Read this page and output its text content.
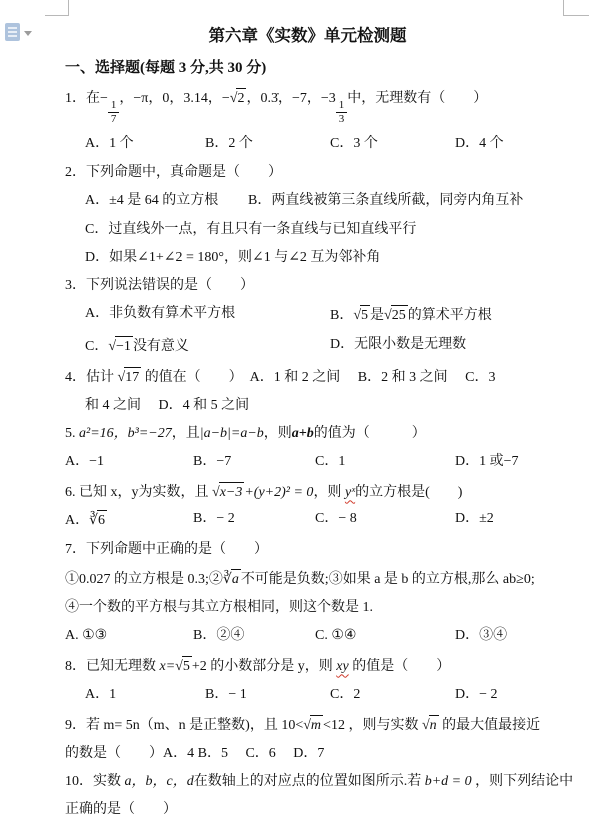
第六章《实数》单元检测题
一、选择题(每题 3 分,共 30 分)
1．在−
$\frac{1}{7}$
，−π，0，3.14，−√2 ，0.3̇，−7，−3
$\frac{1}{3}$
中，无理数有（　　）
A．1 个	B．2 个	C．3 个	D．4 个
2．下列命题中，真命题是（　　）
A．±4 是 64 的立方根	B．两直线被第三条直线所截，同旁内角互补
C．过直线外一点，有且只有一条直线与已知直线平行
D．如果∠1+∠2 = 180°，则∠1 与∠2 互为邻补角
3．下列说法错误的是（　　）
A．非负数有算术平方根	B．√5 是√25 的算术平方根
C．√−1 没有意义	D．无限小数是无理数
4．估计 √17 的值在（　　）　A．1 和 2 之间　 B．2 和 3 之间　 C．3
和 4 之间　 D．4 和 5 之间
5. a²=16，b³=−27，且|a−b|=a−b，则a+b的值为（　　　）
A．−1	B．−7	C．1	D．1 或−7
6. 已知 x，y为实数，且 √x−3 +(y+2)² = 0，则 yˣ的立方根是(　　)
A．∛6	B．− 2	C．− 8	D．±2
7．下列命题中正确的是（　　）
①0.027 的立方根是 0.3;②∛a 不可能是负数;③如果 a 是 b 的立方根,那么 ab≥0;
④一个数的平方根与其立方根相同，则这个数是 1.
A. ①③	B．②④	C. ①④	D．③④
8．已知无理数 x=√5 +2 的小数部分是 y，则 xy 的值是（　　）
A．1	B．− 1	C．2	D．− 2
9．若 m= 5n（m、n 是正整数)，且 10<√m <12 ，则与实数 √n 的最大值最接近
的数是（　　）A．4 B．5　 C．6　 D．7
10．实数 a，b，c，d在数轴上的对应点的位置如图所示.若 b+d = 0 ，则下列结论中
正确的是（　　）
